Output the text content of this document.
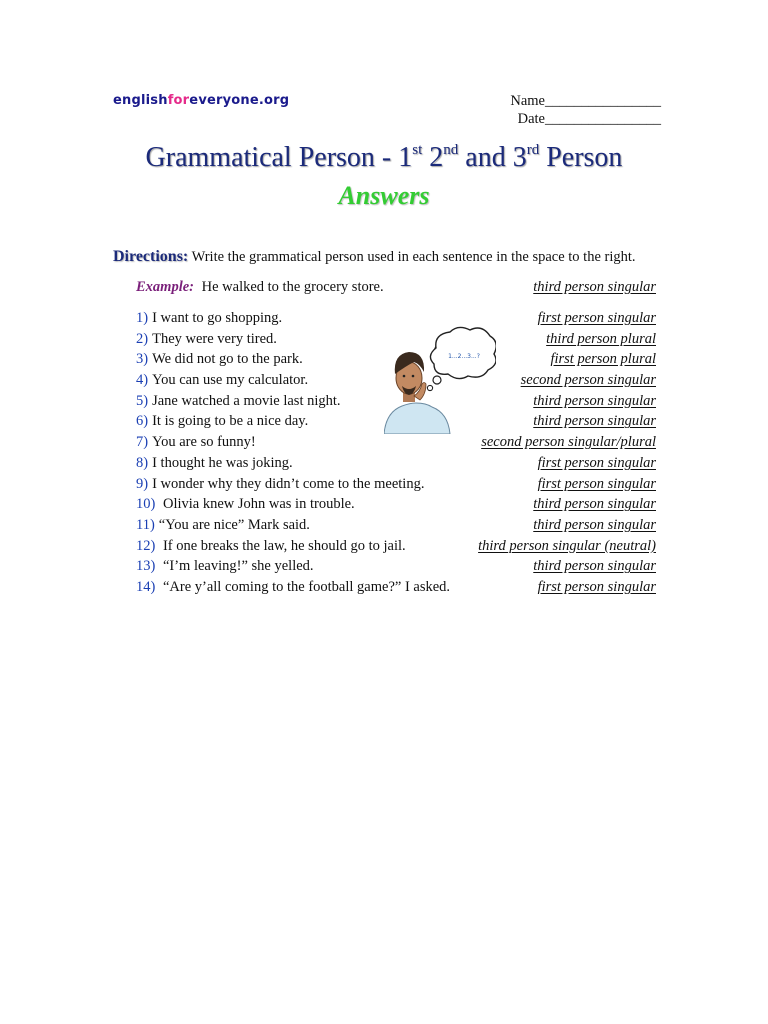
englishforeveryone.org	Name________________
Date________________
Grammatical Person - 1st 2nd and 3rd Person
Answers
Directions: Write the grammatical person used in each sentence in the space to the right.
Example: He walked to the grocery store.	third person singular
1) I want to go shopping.	first person singular
2) They were very tired.	third person plural
3) We did not go to the park.	first person plural
4) You can use my calculator.	second person singular
5) Jane watched a movie last night.	third person singular
6) It is going to be a nice day.	third person singular
7) You are so funny!	second person singular/plural
8) I thought he was joking.	first person singular
9) I wonder why they didn’t come to the meeting.	first person singular
10) Olivia knew John was in trouble.	third person singular
11) “You are nice” Mark said.	third person singular
12) If one breaks the law, he should go to jail.	third person singular (neutral)
13) “I’m leaving!” she yelled.	third person singular
14) “Are y’all coming to the football game?” I asked.	first person singular
1...2...3...?
